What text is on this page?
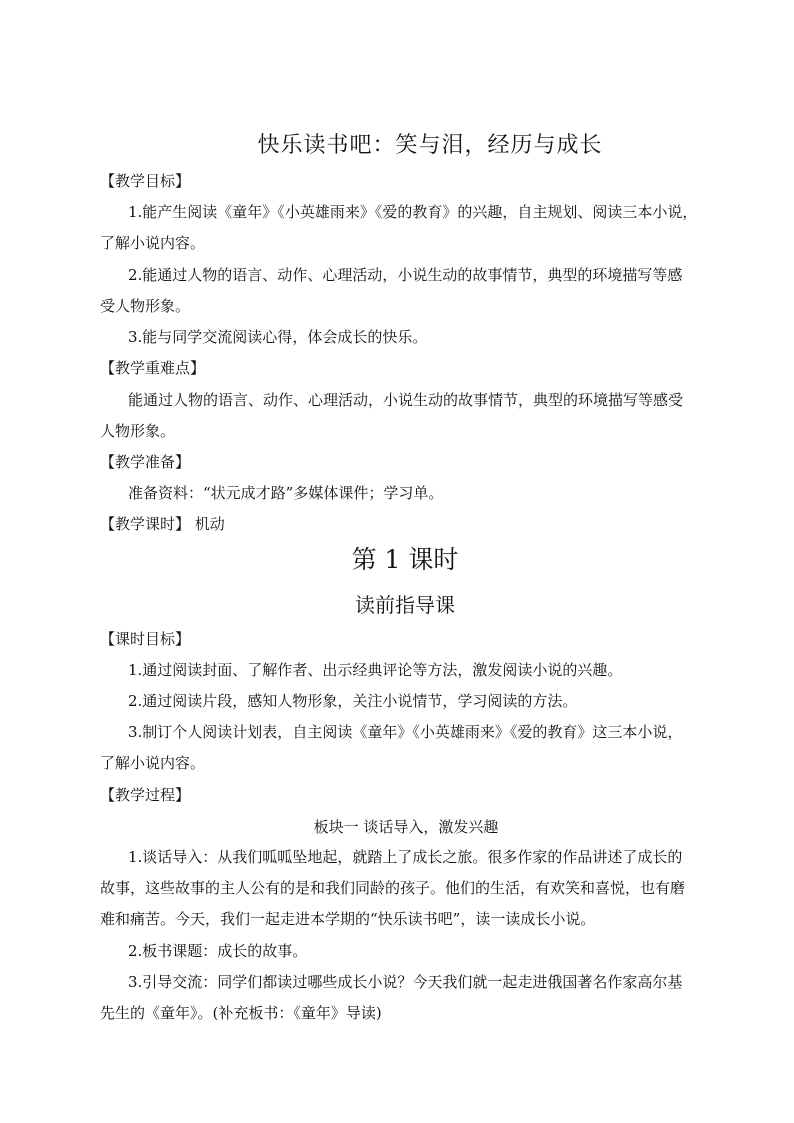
快乐读书吧：笑与泪，经历与成长
【教学目标】
1.能产生阅读《童年》《小英雄雨来》《爱的教育》的兴趣，自主规划、阅读三本小说，
了解小说内容。
2.能通过人物的语言、动作、心理活动，小说生动的故事情节，典型的环境描写等感
受人物形象。
3.能与同学交流阅读心得，体会成长的快乐。
【教学重难点】
能通过人物的语言、动作、心理活动，小说生动的故事情节，典型的环境描写等感受
人物形象。
【教学准备】
准备资料：“状元成才路”多媒体课件；学习单。
【教学课时】 机动
第 1 课时
读前指导课
【课时目标】
1.通过阅读封面、了解作者、出示经典评论等方法，激发阅读小说的兴趣。
2.通过阅读片段，感知人物形象，关注小说情节，学习阅读的方法。
3.制订个人阅读计划表，自主阅读《童年》《小英雄雨来》《爱的教育》这三本小说，
了解小说内容。
【教学过程】
板块一 谈话导入，激发兴趣
1.谈话导入：从我们呱呱坠地起，就踏上了成长之旅。很多作家的作品讲述了成长的
故事，这些故事的主人公有的是和我们同龄的孩子。他们的生活，有欢笑和喜悦，也有磨
难和痛苦。今天，我们一起走进本学期的“快乐读书吧”，读一读成长小说。
2.板书课题：成长的故事。
3.引导交流：同学们都读过哪些成长小说？今天我们就一起走进俄国著名作家高尔基
先生的《童年》。(补充板书：《童年》导读)
